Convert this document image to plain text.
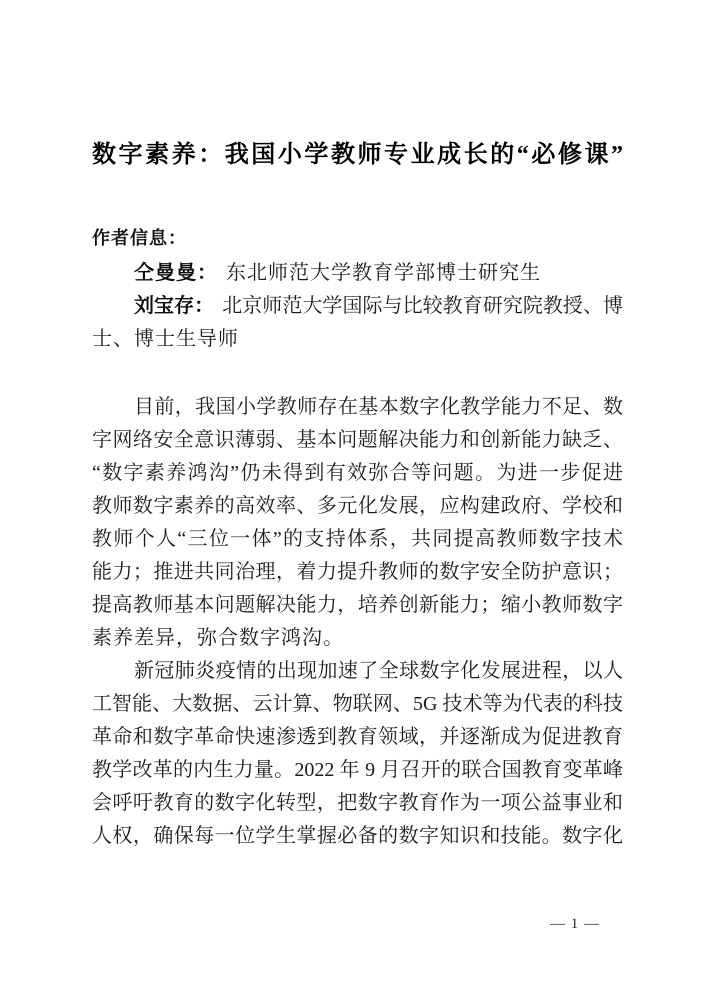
数字素养：我国小学教师专业成长的“必修课”
作者信息：
仝曼曼： 东北师范大学教育学部博士研究生
刘宝存： 北京师范大学国际与比较教育研究院教授、博
士、博士生导师
目前，我国小学教师存在基本数字化教学能力不足、数
字网络安全意识薄弱、基本问题解决能力和创新能力缺乏、
“数字素养鸿沟”仍未得到有效弥合等问题。为进一步促进
教师数字素养的高效率、多元化发展，应构建政府、学校和
教师个人“三位一体”的支持体系，共同提高教师数字技术
能力；推进共同治理，着力提升教师的数字安全防护意识；
提高教师基本问题解决能力，培养创新能力；缩小教师数字
素养差异，弥合数字鸿沟。
新冠肺炎疫情的出现加速了全球数字化发展进程，以人
工智能、大数据、云计算、物联网、5G 技术等为代表的科技
革命和数字革命快速渗透到教育领域，并逐渐成为促进教育
教学改革的内生力量。2022 年 9 月召开的联合国教育变革峰
会呼吁教育的数字化转型，把数字教育作为一项公益事业和
人权，确保每一位学生掌握必备的数字知识和技能。数字化
— 1 —
